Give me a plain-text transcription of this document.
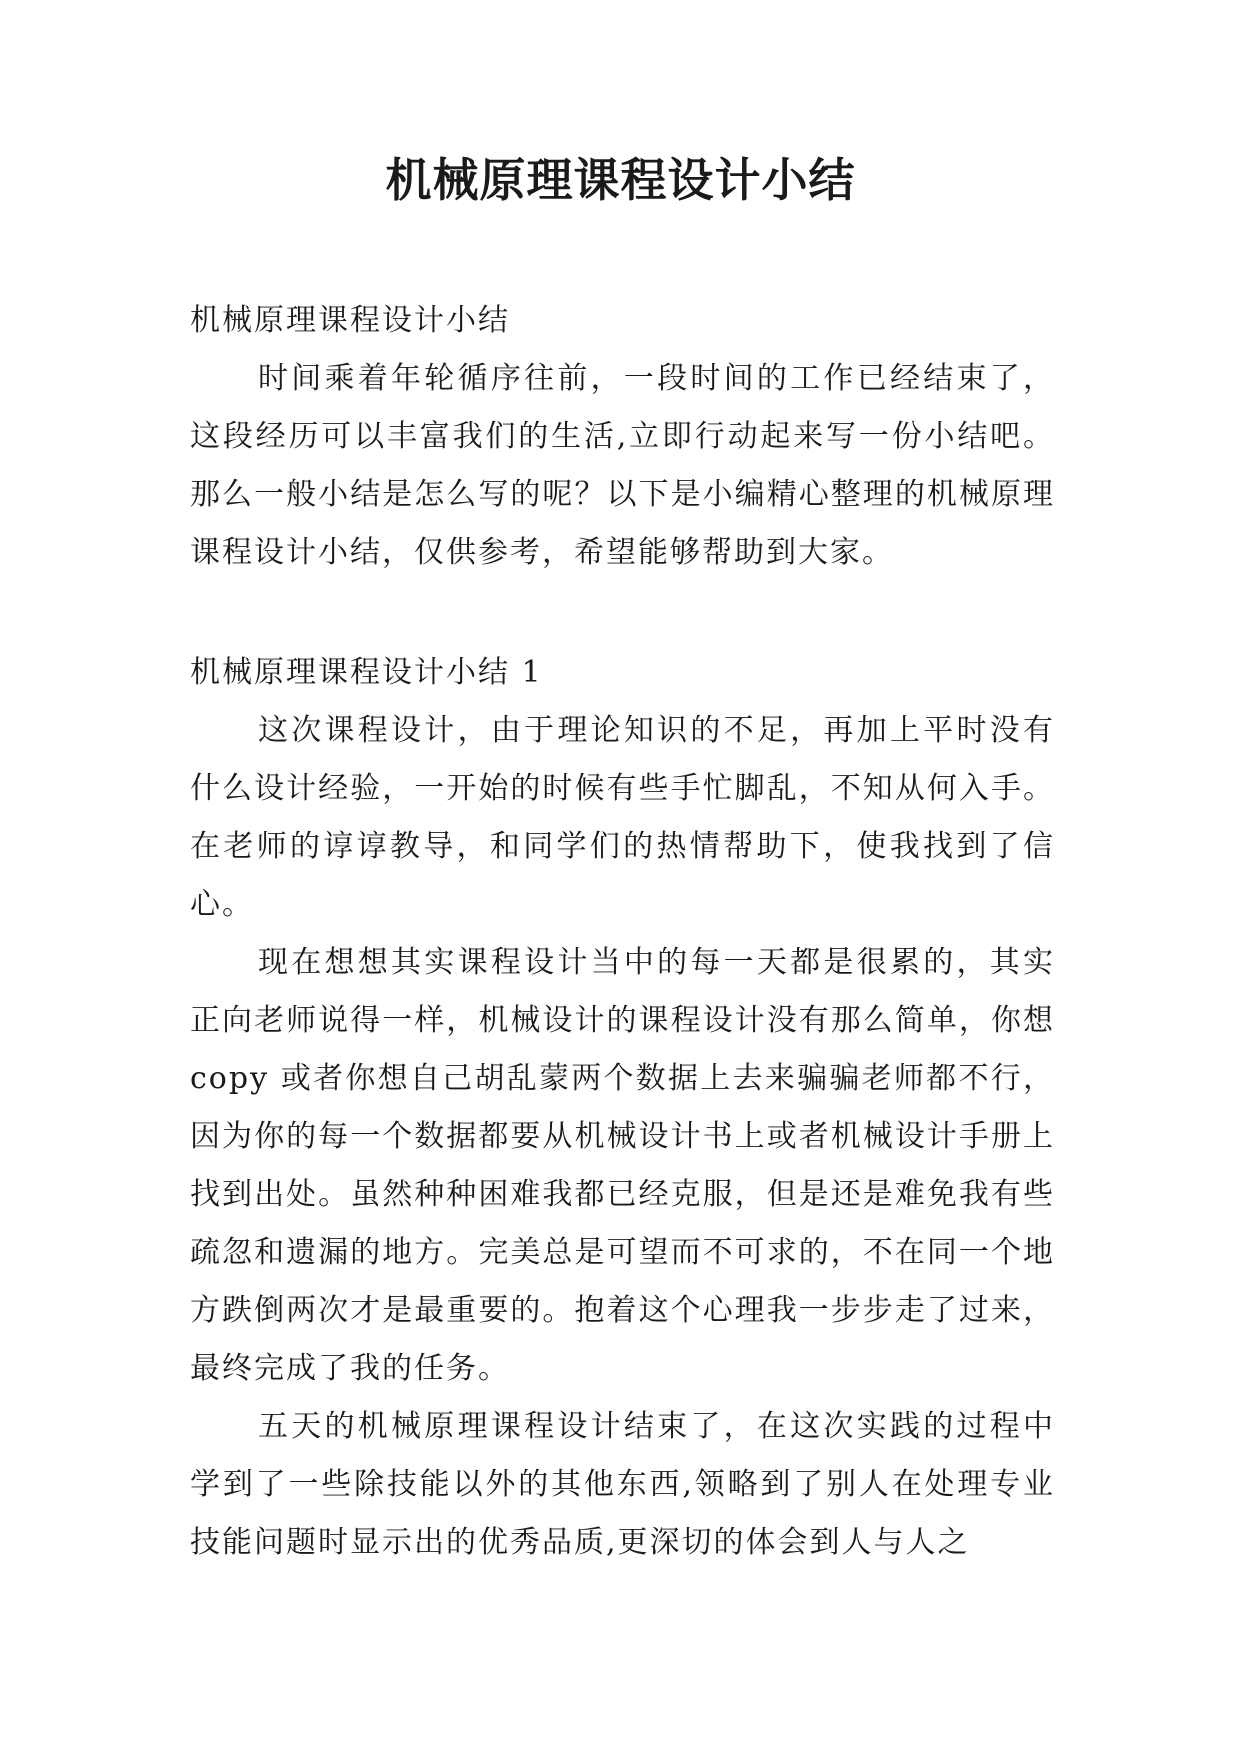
机械原理课程设计小结

机械原理课程设计小结

时间乘着年轮循序往前，一段时间的工作已经结束了，这段经历可以丰富我们的生活,立即行动起来写一份小结吧。那么一般小结是怎么写的呢？以下是小编精心整理的机械原理课程设计小结，仅供参考，希望能够帮助到大家。

机械原理课程设计小结 1

这次课程设计，由于理论知识的不足，再加上平时没有什么设计经验，一开始的时候有些手忙脚乱，不知从何入手。在老师的谆谆教导，和同学们的热情帮助下，使我找到了信心。

现在想想其实课程设计当中的每一天都是很累的，其实正向老师说得一样，机械设计的课程设计没有那么简单，你想 copy 或者你想自己胡乱蒙两个数据上去来骗骗老师都不行，因为你的每一个数据都要从机械设计书上或者机械设计手册上找到出处。虽然种种困难我都已经克服，但是还是难免我有些疏忽和遗漏的地方。完美总是可望而不可求的，不在同一个地方跌倒两次才是最重要的。抱着这个心理我一步步走了过来，最终完成了我的任务。

五天的机械原理课程设计结束了，在这次实践的过程中学到了一些除技能以外的其他东西,领略到了别人在处理专业技能问题时显示出的优秀品质,更深切的体会到人与人之
